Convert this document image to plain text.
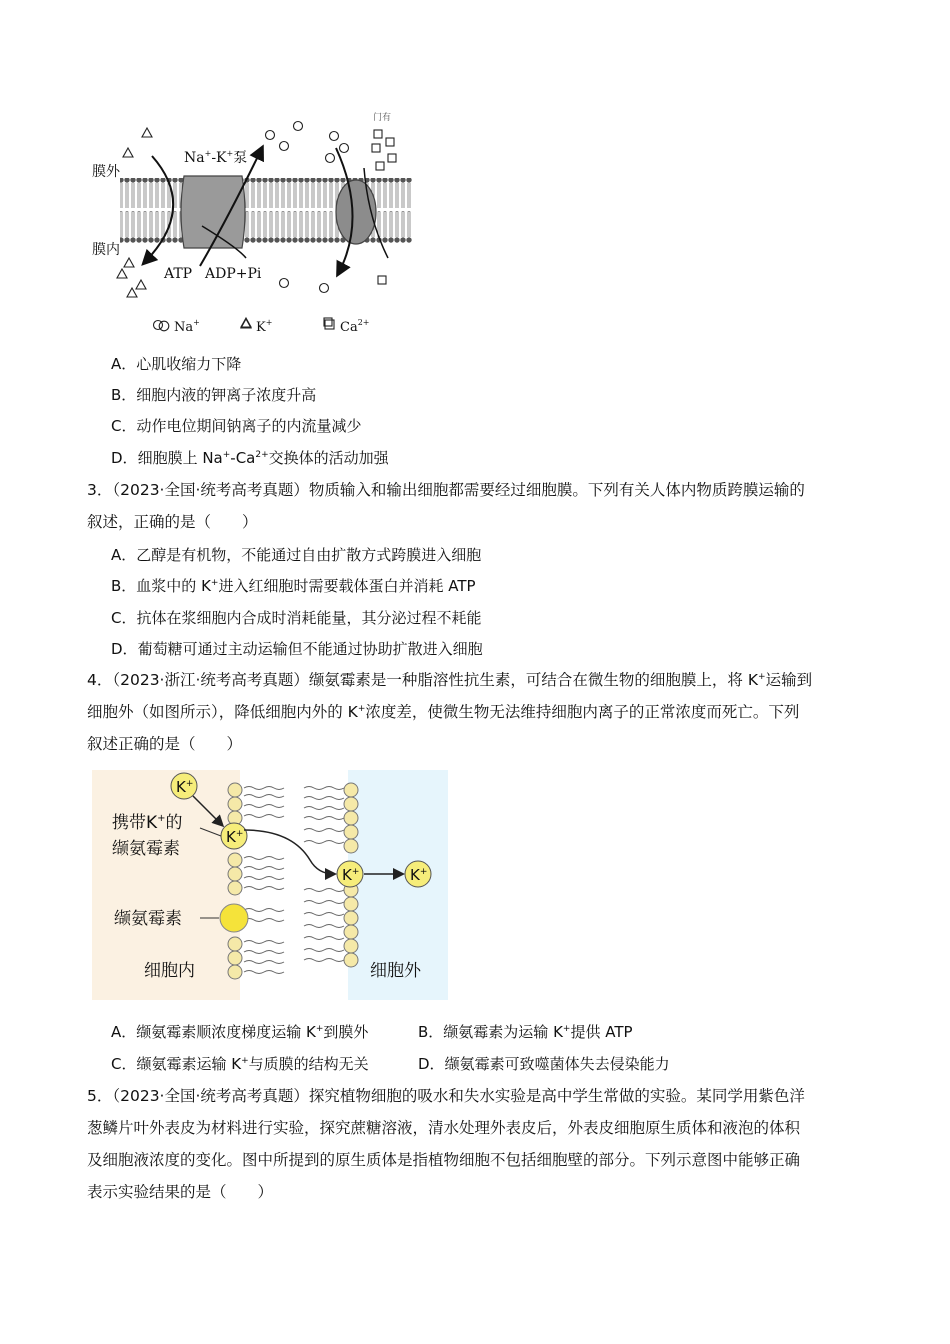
膜外
膜内
Na+-K+泵
ATP ADP+Pi
门有
Na+	K+	$Ca^{2+}$
A．心肌收缩力下降
B．细胞内液的钾离子浓度升高
C．动作电位期间钠离子的内流量减少
D．细胞膜上 $Na^+-Ca^{2+}$交换体的活动加强
3．（2023·全国·统考高考真题）物质输入和输出细胞都需要经过细胞膜。下列有关人体内物质跨膜运输的
叙述，正确的是（　　）
A．乙醇是有机物，不能通过自由扩散方式跨膜进入细胞
B．血浆中的 K+进入红细胞时需要载体蛋白并消耗 ATP
C．抗体在浆细胞内合成时消耗能量，其分泌过程不耗能
D．葡萄糖可通过主动运输但不能通过协助扩散进入细胞
4．（2023·浙江·统考高考真题）缬氨霉素是一种脂溶性抗生素，可结合在微生物的细胞膜上，将 K+运输到
细胞外（如图所示），降低细胞内外的 K+浓度差，使微生物无法维持细胞内离子的正常浓度而死亡。下列
叙述正确的是（　　）
K+
K+
K+	K+
携带K+的
缬氨霉素
缬氨霉素
细胞内	细胞外
A．缬氨霉素顺浓度梯度运输 K+到膜外	B．缬氨霉素为运输 K+提供 ATP
C．缬氨霉素运输 K+与质膜的结构无关	D．缬氨霉素可致噬菌体失去侵染能力
5．（2023·全国·统考高考真题）探究植物细胞的吸水和失水实验是高中学生常做的实验。某同学用紫色洋
葱鳞片叶外表皮为材料进行实验，探究蔗糖溶液，清水处理外表皮后，外表皮细胞原生质体和液泡的体积
及细胞液浓度的变化。图中所提到的原生质体是指植物细胞不包括细胞壁的部分。下列示意图中能够正确
表示实验结果的是（　　）
